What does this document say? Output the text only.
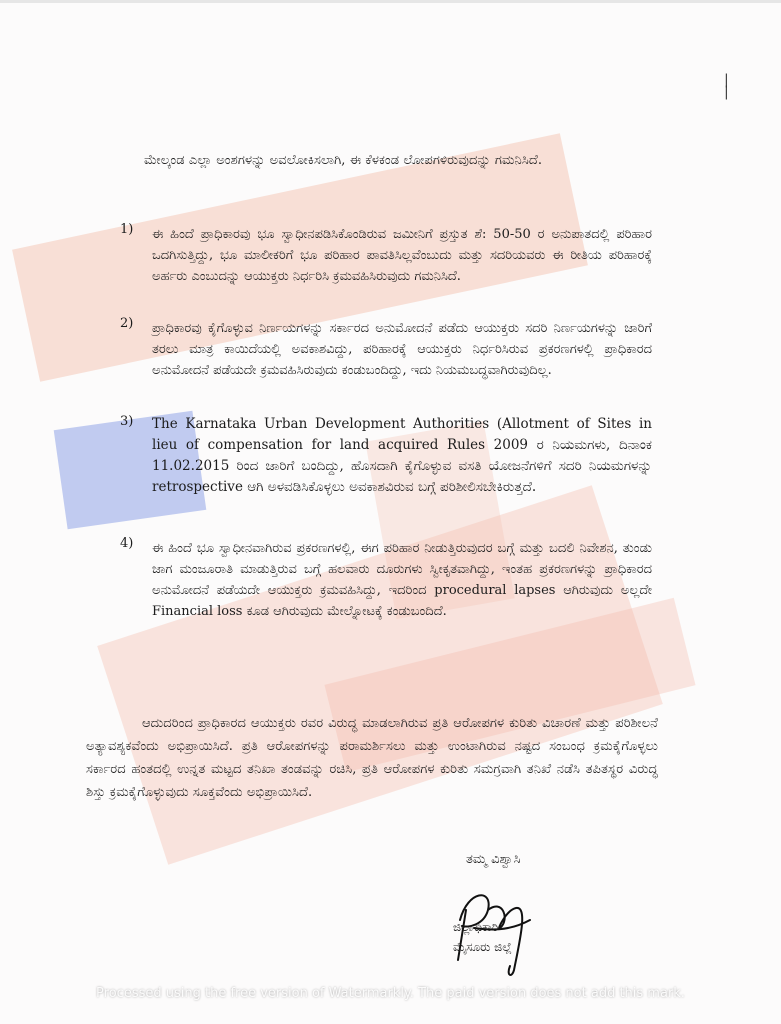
|
|
ಮೇಲ್ಕಂಡ ಎಲ್ಲಾ ಅಂಶಗಳನ್ನು ಅವಲೋಕಿಸಲಾಗಿ, ಈ ಕೆಳಕಂಡ ಲೋಪಗಳಿರುವುದನ್ನು ಗಮನಿಸಿದೆ.
1) ಈ ಹಿಂದೆ ಪ್ರಾಧಿಕಾರವು ಭೂ ಸ್ವಾಧೀನಪಡಿಸಿಕೊಂಡಿರುವ ಜಮೀನಿಗೆ ಪ್ರಸ್ತುತ ಶೆ: 50-50 ರ ಅನುಪಾತದಲ್ಲಿ ಪರಿಹಾರ ಒದಗಿಸುತ್ತಿದ್ದು, ಭೂ ಮಾಲೀಕರಿಗೆ ಭೂ ಪರಿಹಾರ ಪಾವತಿಸಿಲ್ಲವೆಂಬುದು ಮತ್ತು ಸದರಿಯವರು ಈ ರೀತಿಯ ಪರಿಹಾರಕ್ಕೆ ಅರ್ಹರು ಎಂಬುದನ್ನು ಆಯುಕ್ತರು ನಿರ್ಧರಿಸಿ ಕ್ರಮವಹಿಸಿರುವುದು ಗಮನಿಸಿದೆ.
2) ಪ್ರಾಧಿಕಾರವು ಕೈಗೊಳ್ಳುವ ನಿರ್ಣಯಗಳನ್ನು ಸರ್ಕಾರದ ಅನುಮೋದನೆ ಪಡೆದು ಆಯುಕ್ತರು ಸದರಿ ನಿರ್ಣಯಗಳನ್ನು ಜಾರಿಗೆ ತರಲು ಮಾತ್ರ ಕಾಯಿದೆಯಲ್ಲಿ ಅವಕಾಶವಿದ್ದು, ಪರಿಹಾರಕ್ಕೆ ಆಯುಕ್ತರು ನಿರ್ಧರಿಸಿರುವ ಪ್ರಕರಣಗಳಲ್ಲಿ ಪ್ರಾಧಿಕಾರದ ಅನುಮೋದನೆ ಪಡೆಯದೇ ಕ್ರಮವಹಿಸಿರುವುದು ಕಂಡುಬಂದಿದ್ದು, ಇದು ನಿಯಮಬದ್ಧವಾಗಿರುವುದಿಲ್ಲ.
3) The Karnataka Urban Development Authorities (Allotment of Sites in lieu of compensation for land acquired Rules 2009 ರ ನಿಯಮಗಳು, ದಿನಾಂಕ 11.02.2015 ರಿಂದ ಜಾರಿಗೆ ಬಂದಿದ್ದು, ಹೊಸದಾಗಿ ಕೈಗೊಳ್ಳುವ ವಸತಿ ಯೋಜನೆಗಳಿಗೆ ಸದರಿ ನಿಯಮಗಳನ್ನು retrospective ಆಗಿ ಅಳವಡಿಸಿಕೊಳ್ಳಲು ಅವಕಾಶವಿರುವ ಬಗ್ಗೆ ಪರಿಶೀಲಿಸಬೇಕಿರುತ್ತದೆ.
4) ಈ ಹಿಂದೆ ಭೂ ಸ್ವಾಧೀನವಾಗಿರುವ ಪ್ರಕರಣಗಳಲ್ಲಿ, ಈಗ ಪರಿಹಾರ ನೀಡುತ್ತಿರುವುದರ ಬಗ್ಗೆ ಮತ್ತು ಬದಲಿ ನಿವೇಶನ, ತುಂಡು ಜಾಗ ಮಂಜೂರಾತಿ ಮಾಡುತ್ತಿರುವ ಬಗ್ಗೆ ಹಲವಾರು ದೂರುಗಳು ಸ್ವೀಕೃತವಾಗಿದ್ದು, ಇಂತಹ ಪ್ರಕರಣಗಳನ್ನು ಪ್ರಾಧಿಕಾರದ ಅನುಮೋದನೆ ಪಡೆಯದೇ ಆಯುಕ್ತರು ಕ್ರಮವಹಿಸಿದ್ದು, ಇದರಿಂದ procedural lapses ಆಗಿರುವುದು ಅಲ್ಲದೇ Financial loss ಕೂಡ ಆಗಿರುವುದು ಮೇಲ್ನೋಟಕ್ಕೆ ಕಂಡುಬಂದಿದೆ.
ಆದುದರಿಂದ ಪ್ರಾಧಿಕಾರದ ಆಯುಕ್ತರು ರವರ ವಿರುದ್ಧ ಮಾಡಲಾಗಿರುವ ಪ್ರತಿ ಆರೋಪಗಳ ಕುರಿತು ವಿಚಾರಣೆ ಮತ್ತು ಪರಿಶೀಲನೆ ಅತ್ಯಾವಶ್ಯಕವೆಂದು ಅಭಿಪ್ರಾಯಿಸಿದೆ. ಪ್ರತಿ ಆರೋಪಗಳನ್ನು ಪರಾಮರ್ಶಿಸಲು ಮತ್ತು ಉಂಟಾಗಿರುವ ನಷ್ಟದ ಸಂಬಂಧ ಕ್ರಮಕೈಗೊಳ್ಳಲು ಸರ್ಕಾರದ ಹಂತದಲ್ಲಿ ಉನ್ನತ ಮಟ್ಟದ ತನಿಖಾ ತಂಡವನ್ನು ರಚಿಸಿ, ಪ್ರತಿ ಆರೋಪಗಳ ಕುರಿತು ಸಮಗ್ರವಾಗಿ ತನಿಖೆ ನಡೆಸಿ ತಪಿತಸ್ಥರ ವಿರುದ್ಧ ಶಿಸ್ತು ಕ್ರಮಕೈಗೊಳ್ಳುವುದು ಸೂಕ್ತವೆಂದು ಅಭಿಪ್ರಾಯಿಸಿದೆ.
ತಮ್ಮ ವಿಶ್ವಾಸಿ
ಜಿಲ್ಲಾಧಿಕಾರಿ
ಮೈಸೂರು ಜಿಲ್ಲೆ
Processed using the free version of Watermarkly. The paid version does not add this mark.
